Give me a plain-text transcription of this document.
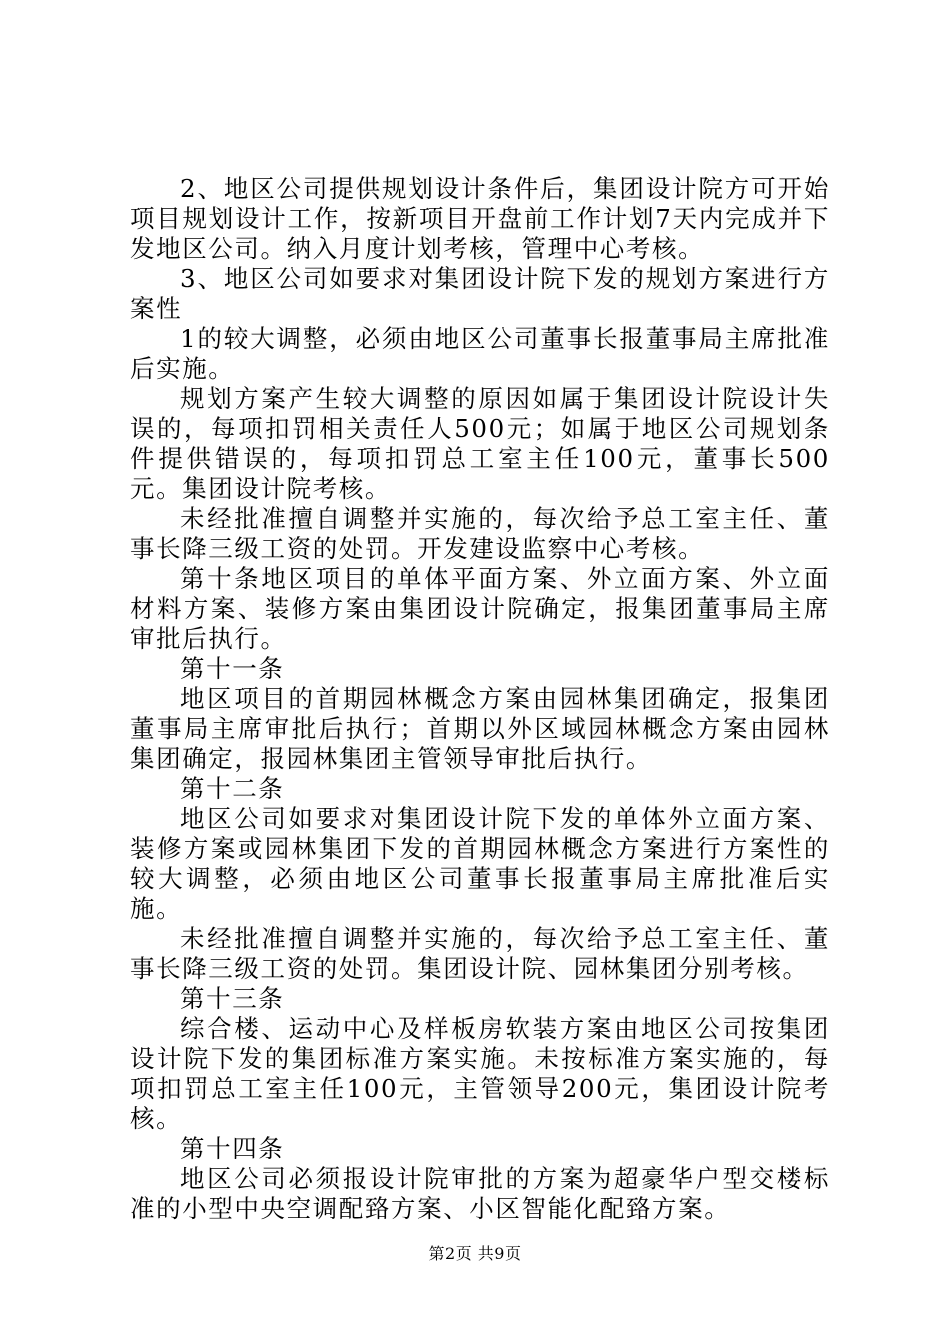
2、地区公司提供规划设计条件后，集团设计院方可开始项目规划设计工作，按新项目开盘前工作计划7天内完成并下发地区公司。纳入月度计划考核，管理中心考核。

3、地区公司如要求对集团设计院下发的规划方案进行方案性

1的较大调整，必须由地区公司董事长报董事局主席批准后实施。

规划方案产生较大调整的原因如属于集团设计院设计失误的，每项扣罚相关责任人500元；如属于地区公司规划条件提供错误的，每项扣罚总工室主任100元，董事长500元。集团设计院考核。

未经批准擅自调整并实施的，每次给予总工室主任、董事长降三级工资的处罚。开发建设监察中心考核。

第十条地区项目的单体平面方案、外立面方案、外立面材料方案、装修方案由集团设计院确定，报集团董事局主席审批后执行。

第十一条

地区项目的首期园林概念方案由园林集团确定，报集团董事局主席审批后执行；首期以外区域园林概念方案由园林集团确定，报园林集团主管领导审批后执行。

第十二条

地区公司如要求对集团设计院下发的单体外立面方案、装修方案或园林集团下发的首期园林概念方案进行方案性的较大调整，必须由地区公司董事长报董事局主席批准后实施。

未经批准擅自调整并实施的，每次给予总工室主任、董事长降三级工资的处罚。集团设计院、园林集团分别考核。

第十三条

综合楼、运动中心及样板房软装方案由地区公司按集团设计院下发的集团标准方案实施。未按标准方案实施的，每项扣罚总工室主任100元，主管领导200元，集团设计院考核。

第十四条

地区公司必须报设计院审批的方案为超豪华户型交楼标准的小型中央空调配臵方案、小区智能化配臵方案。

第2页 共9页
